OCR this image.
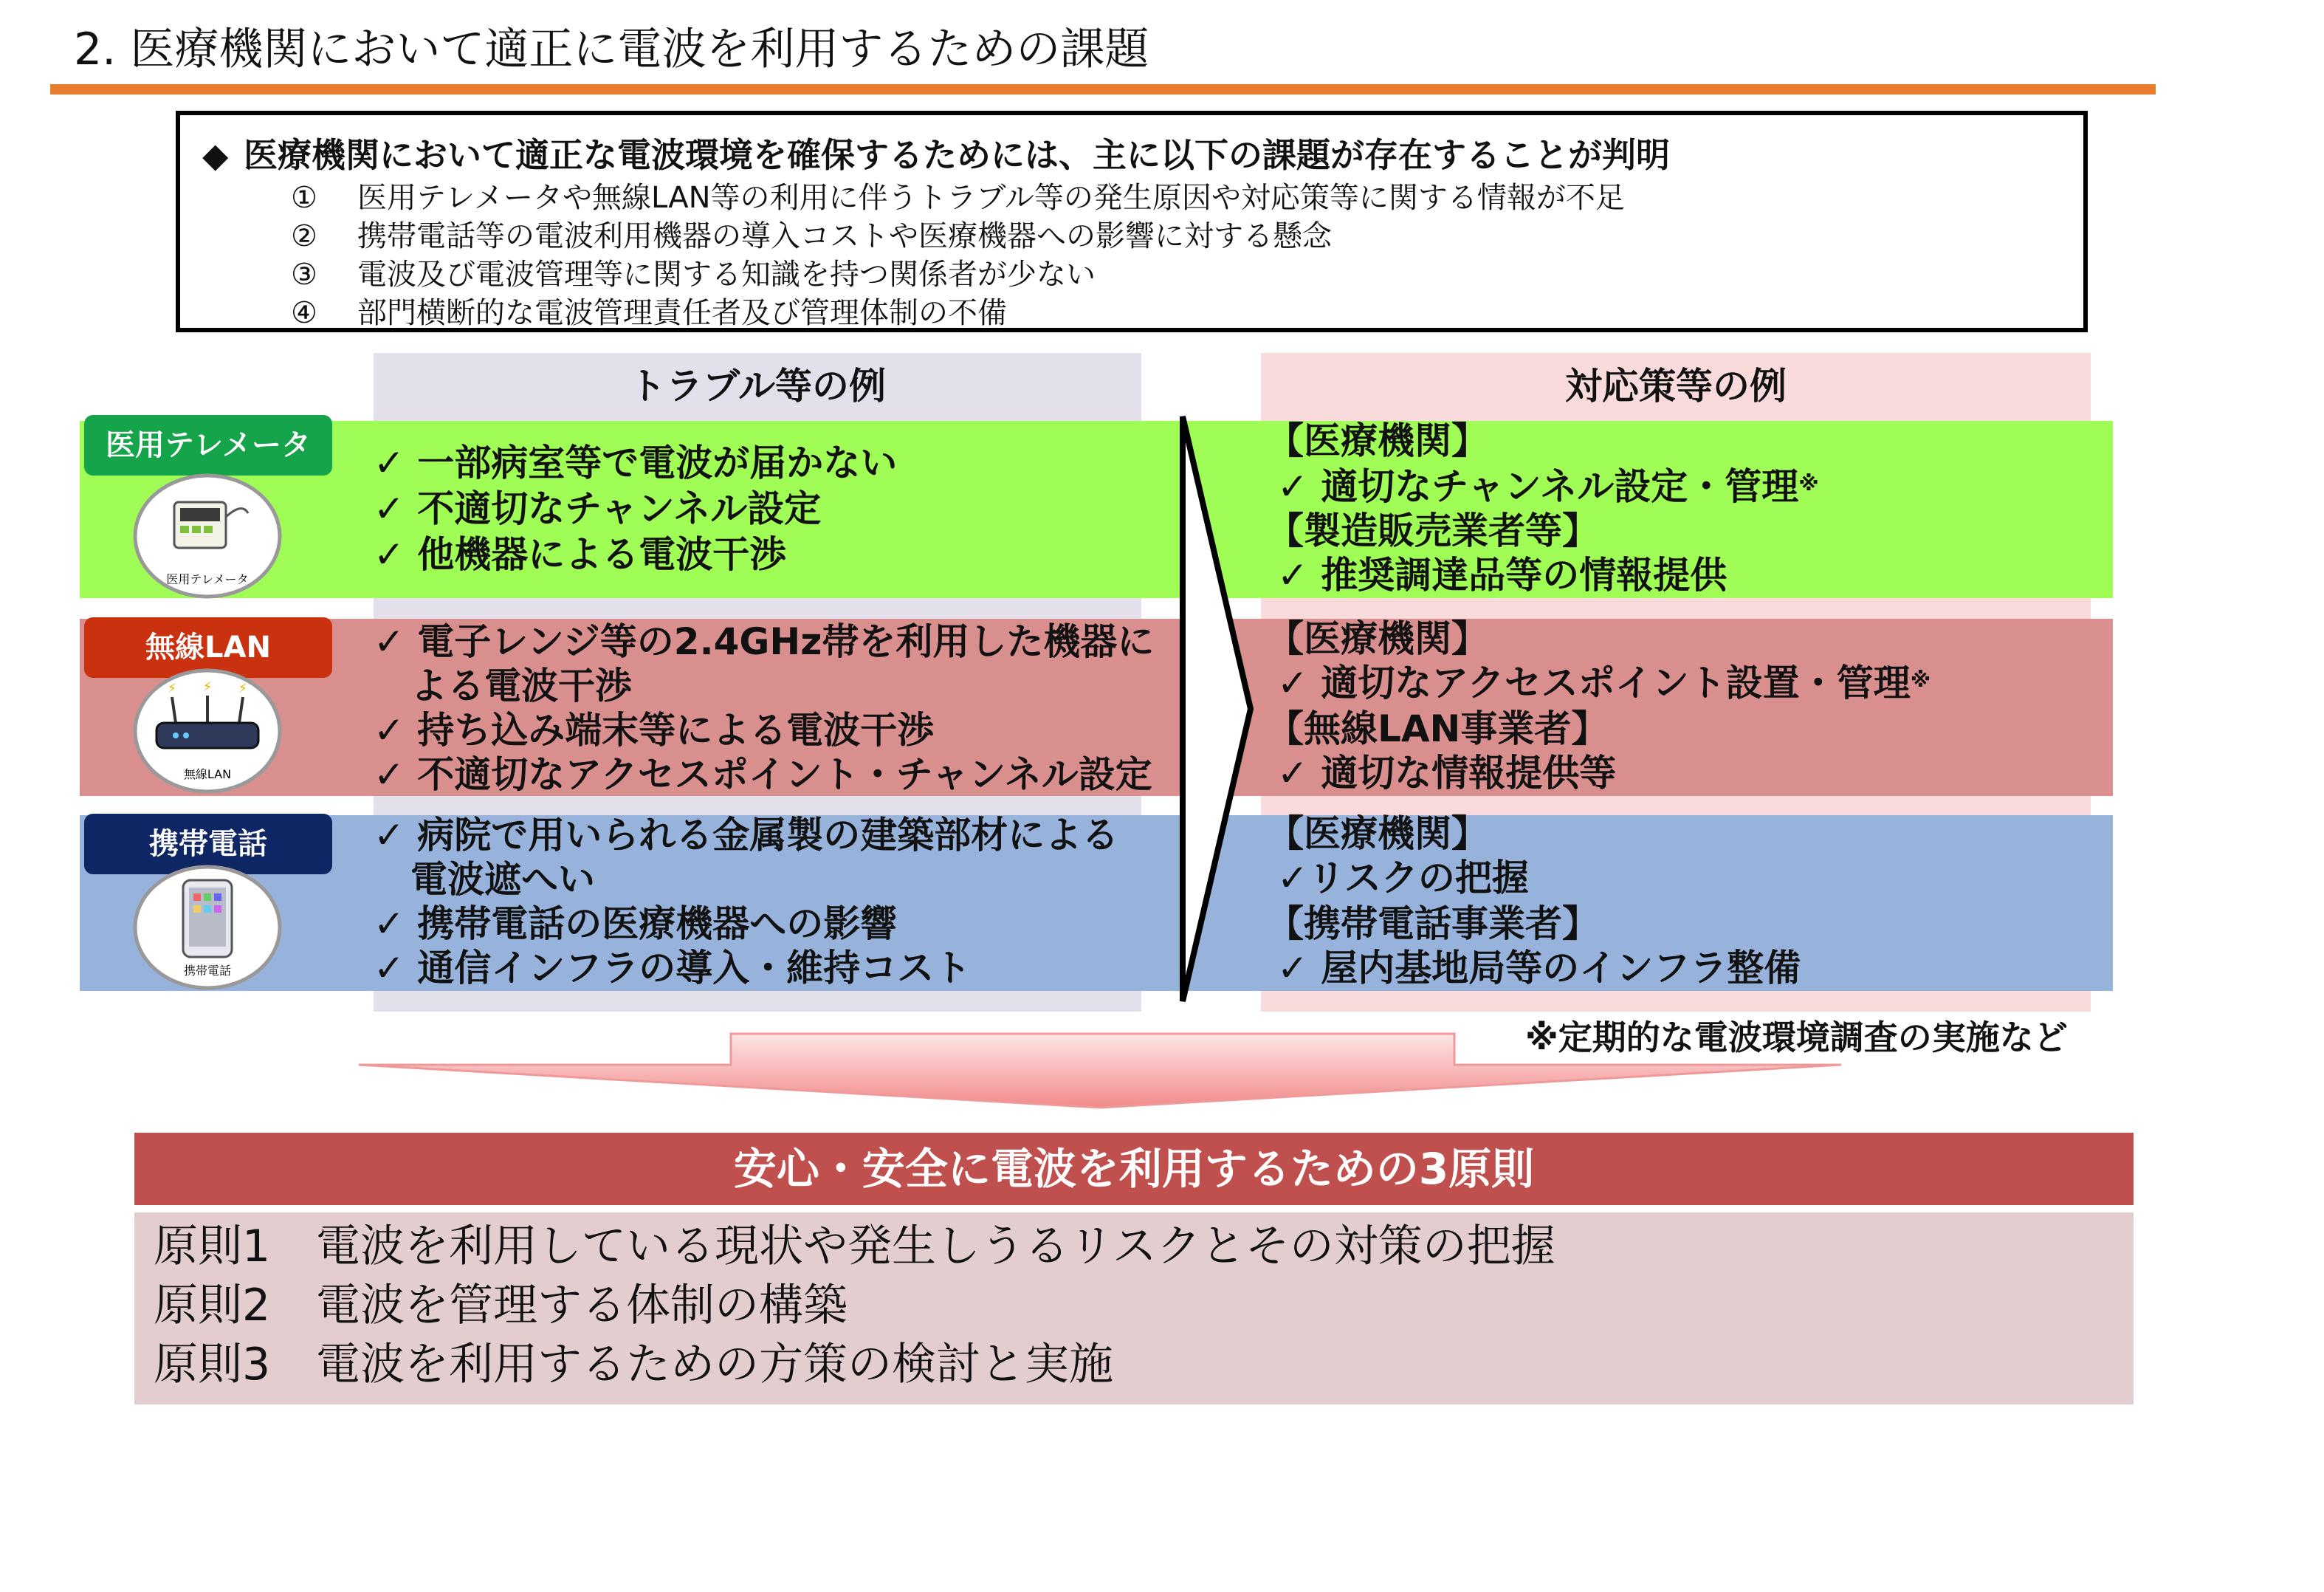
2. 医療機関において適正に電波を利用するための課題
◆ 医療機関において適正な電波環境を確保するためには、主に以下の課題が存在することが判明
① 医用テレメータや無線LAN等の利用に伴うトラブル等の発生原因や対応策等に関する情報が不足
② 携帯電話等の電波利用機器の導入コストや医療機器への影響に対する懸念
③ 電波及び電波管理等に関する知識を持つ関係者が少ない
④ 部門横断的な電波管理責任者及び管理体制の不備
トラブル等の例	対応策等の例
医用テレメータ
無線LAN
携帯電話
医用テレメータ
⚡ ⚡ ⚡
無線LAN
携帯電話
✓ 一部病室等で電波が届かない
✓ 不適切なチャンネル設定
✓ 他機器による電波干渉
✓ 電子レンジ等の2.4GHz帯を利用した機器に
よる電波干渉
✓ 持ち込み端末等による電波干渉
✓ 不適切なアクセスポイント・チャンネル設定
✓ 病院で用いられる金属製の建築部材による
電波遮へい
✓ 携帯電話の医療機器への影響
✓ 通信インフラの導入・維持コスト
【医療機関】
✓ 適切なチャンネル設定・管理※
【製造販売業者等】
✓ 推奨調達品等の情報提供
【医療機関】
✓ 適切なアクセスポイント設置・管理※
【無線LAN事業者】
✓ 適切な情報提供等
【医療機関】
✓リスクの把握
【携帯電話事業者】
✓ 屋内基地局等のインフラ整備
※定期的な電波環境調査の実施など
安心・安全に電波を利用するための3原則
原則1 電波を利用している現状や発生しうるリスクとその対策の把握
原則2 電波を管理する体制の構築
原則3 電波を利用するための方策の検討と実施
